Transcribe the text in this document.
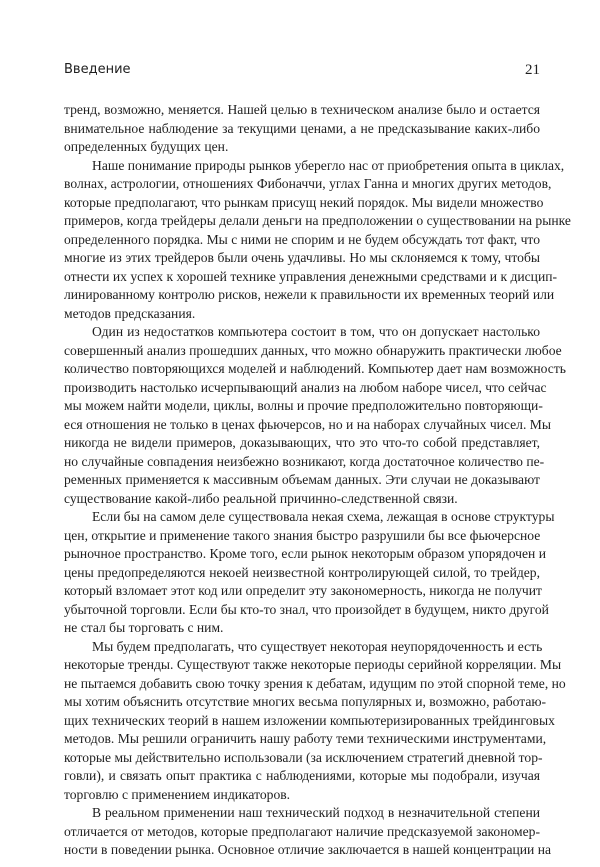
Введение	21
тренд, возможно, меняется. Нашей целью в техническом анализе было и остается
внимательное наблюдение за текущими ценами, а не предсказывание каких-либо
определенных будущих цен.
Наше понимание природы рынков уберегло нас от приобретения опыта в циклах,
волнах, астрологии, отношениях Фибоначчи, углах Ганна и многих других методов,
которые предполагают, что рынкам присущ некий порядок. Мы видели множество
примеров, когда трейдеры делали деньги на предположении о существовании на рынке
определенного порядка. Мы с ними не спорим и не будем обсуждать тот факт, что
многие из этих трейдеров были очень удачливы. Но мы склоняемся к тому, чтобы
отнести их успех к хорошей технике управления денежными средствами и к дисцип-
линированному контролю рисков, нежели к правильности их временных теорий или
методов предсказания.
Один из недостатков компьютера состоит в том, что он допускает настолько
совершенный анализ прошедших данных, что можно обнаружить практически любое
количество повторяющихся моделей и наблюдений. Компьютер дает нам возможность
производить настолько исчерпывающий анализ на любом наборе чисел, что сейчас
мы можем найти модели, циклы, волны и прочие предположительно повторяющи-
еся отношения не только в ценах фьючерсов, но и на наборах случайных чисел. Мы
никогда не видели примеров, доказывающих, что это что-то собой представляет,
но случайные совпадения неизбежно возникают, когда достаточное количество пе-
ременных применяется к массивным объемам данных. Эти случаи не доказывают
существование какой-либо реальной причинно-следственной связи.
Если бы на самом деле существовала некая схема, лежащая в основе структуры
цен, открытие и применение такого знания быстро разрушили бы все фьючерсное
рыночное пространство. Кроме того, если рынок некоторым образом упорядочен и
цены предопределяются некоей неизвестной контролирующей силой, то трейдер,
который взломает этот код или определит эту закономерность, никогда не получит
убыточной торговли. Если бы кто-то знал, что произойдет в будущем, никто другой
не стал бы торговать с ним.
Мы будем предполагать, что существует некоторая неупорядоченность и есть
некоторые тренды. Существуют также некоторые периоды серийной корреляции. Мы
не пытаемся добавить свою точку зрения к дебатам, идущим по этой спорной теме, но
мы хотим объяснить отсутствие многих весьма популярных и, возможно, работаю-
щих технических теорий в нашем изложении компьютеризированных трейдинговых
методов. Мы решили ограничить нашу работу теми техническими инструментами,
которые мы действительно использовали (за исключением стратегий дневной тор-
говли), и связать опыт практика с наблюдениями, которые мы подобрали, изучая
торговлю с применением индикаторов.
В реальном применении наш технический подход в незначительной степени
отличается от методов, которые предполагают наличие предсказуемой закономер-
ности в поведении рынка. Основное отличие заключается в нашей концентрации на
